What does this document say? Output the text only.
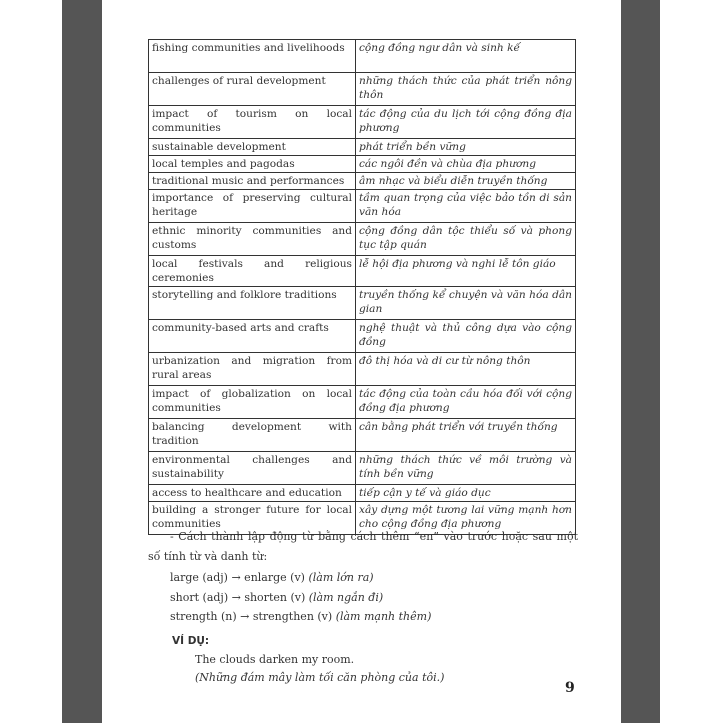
fishing communities and livelihoods	cộng đồng ngư dân và sinh kế
challenges of rural development	những thách thức của phát triển nông thôn
impact of tourism on local communities	tác động của du lịch tới cộng đồng địa phương
sustainable development	phát triển bền vững
local temples and pagodas	các ngôi đền và chùa địa phương
traditional music and performances	âm nhạc và biểu diễn truyền thống
importance of preserving cultural heritage	tầm quan trọng của việc bảo tồn di sản văn hóa
ethnic minority communities and customs	cộng đồng dân tộc thiểu số và phong tục tập quán
local festivals and religious ceremonies	lễ hội địa phương và nghi lễ tôn giáo
storytelling and folklore traditions	truyền thống kể chuyện và văn hóa dân gian
community-based arts and crafts	nghệ thuật và thủ công dựa vào cộng đồng
urbanization and migration from rural areas	đô thị hóa và di cư từ nông thôn
impact of globalization on local communities	tác động của toàn cầu hóa đối với cộng đồng địa phương
balancing development with tradition	cân bằng phát triển với truyền thống
environmental challenges and sustainability	những thách thức về môi trường và tính bền vững
access to healthcare and education	tiếp cận y tế và giáo dục
building a stronger future for local communities	xây dựng một tương lai vững mạnh hơn cho cộng đồng địa phương
- Cách thành lập động từ bằng cách thêm “en” vào trước hoặc sau một số tính từ và danh từ:
large (adj) → enlarge (v) (làm lớn ra)
short (adj) → shorten (v) (làm ngắn đi)
strength (n) → strengthen (v) (làm mạnh thêm)
VÍ DỤ:
The clouds darken my room.
(Những đám mây làm tối căn phòng của tôi.)
9
